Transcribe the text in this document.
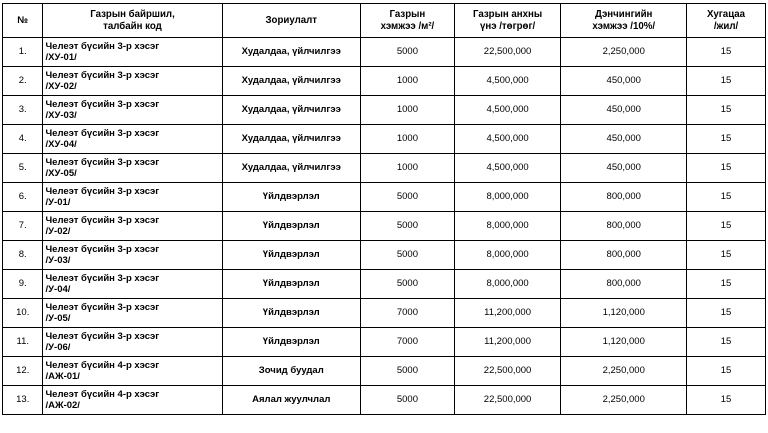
№	Газрын байршил,
талбайн код	Зориулалт	Газрын
хэмжээ /м²/	Газрын анхны
үнэ /төгрөг/	Дэнчингийн
хэмжээ /10%/	Хугацаа
/жил/

1.	Челеэт бүсийн 3-р хэсэг
/ХУ-01/	Худалдаа, үйлчилгээ	5000	22,500,000	2,250,000	15
2.	Челеэт бүсийн 3-р хэсэг
/ХУ-02/	Худалдаа, үйлчилгээ	1000	4,500,000	450,000	15
3.	Челеэт бүсийн 3-р хэсэг
/ХУ-03/	Худалдаа, үйлчилгээ	1000	4,500,000	450,000	15
4.	Челеэт бүсийн 3-р хэсэг
/ХУ-04/	Худалдаа, үйлчилгээ	1000	4,500,000	450,000	15
5.	Челеэт бүсийн 3-р хэсэг
/ХУ-05/	Худалдаа, үйлчилгээ	1000	4,500,000	450,000	15
6.	Челеэт бүсийн 3-р хэсэг
/У-01/	Үйлдвэрлэл	5000	8,000,000	800,000	15
7.	Челеэт бүсийн 3-р хэсэг
/У-02/	Үйлдвэрлэл	5000	8,000,000	800,000	15
8.	Челеэт бүсийн 3-р хэсэг
/У-03/	Үйлдвэрлэл	5000	8,000,000	800,000	15
9.	Челеэт бүсийн 3-р хэсэг
/У-04/	Үйлдвэрлэл	5000	8,000,000	800,000	15
10.	Челеэт бүсийн 3-р хэсэг
/У-05/	Үйлдвэрлэл	7000	11,200,000	1,120,000	15
11.	Челеэт бүсийн 3-р хэсэг
/У-06/	Үйлдвэрлэл	7000	11,200,000	1,120,000	15
12.	Челеэт бүсийн 4-р хэсэг
/АЖ-01/	Зочид буудал	5000	22,500,000	2,250,000	15
13.	Челеэт бүсийн 4-р хэсэг
/АЖ-02/	Аялал жуулчлал	5000	22,500,000	2,250,000	15
